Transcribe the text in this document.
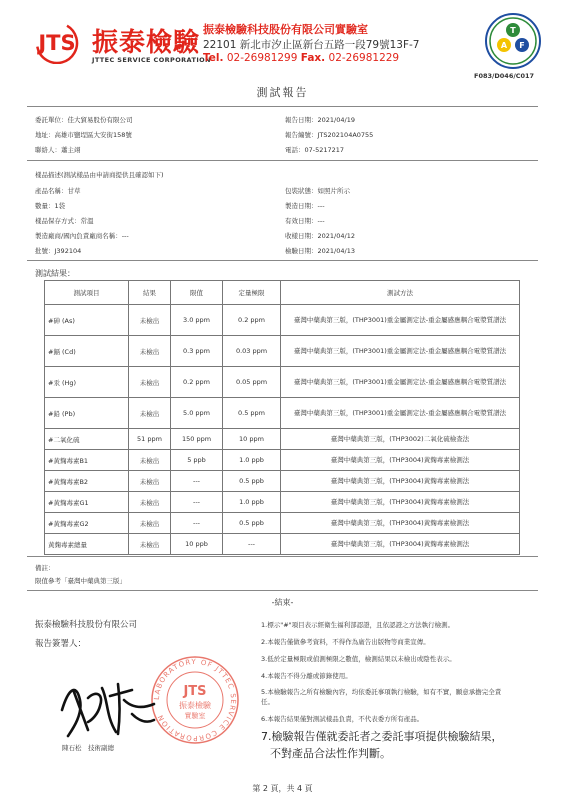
JTS 振泰檢驗
JTTEC SERVICE CORPORATION
振泰檢驗科技股份有限公司實驗室
22101 新北市汐止區新台五路一段79號13F-7
Tel. 02-26981299 Fax. 02-26981229
T
A F
F083/D046/C017
測試報告
委託單位：佳大貿易股份有限公司
地址：高雄市鹽埕區大安街158號
聯絡人：蕭主翊
報告日期：2021/04/19
報告編號：JTS202104A0755
電話：07-5217217
樣品描述(測試樣品由申請商提供且確認如下)
產品名稱：甘草
數量：1袋
樣品保存方式：常溫
製造廠商/國內負責廠商名稱：---
批號：J392104
包裝狀態：如照片所示
製造日期：---
有效日期：---
收樣日期：2021/04/12
檢驗日期：2021/04/13
測試結果：
測試項目	結果	限值	定量極限	測試方法
#砷 (As)	未檢出	3.0 ppm	0.2 ppm	臺灣中藥典第三版，(THP3001)重金屬測定法-重金屬感應耦合電漿質譜法
#鎘 (Cd)	未檢出	0.3 ppm	0.03 ppm	臺灣中藥典第三版，(THP3001)重金屬測定法-重金屬感應耦合電漿質譜法
#汞 (Hg)	未檢出	0.2 ppm	0.05 ppm	臺灣中藥典第三版，(THP3001)重金屬測定法-重金屬感應耦合電漿質譜法
#鉛 (Pb)	未檢出	5.0 ppm	0.5 ppm	臺灣中藥典第三版，(THP3001)重金屬測定法-重金屬感應耦合電漿質譜法
#二氧化硫	51 ppm	150 ppm	10 ppm	臺灣中藥典第三版，(THP3002)二氧化硫檢查法
#黃麴毒素B1	未檢出	5 ppb	1.0 ppb	臺灣中藥典第三版，(THP3004)黃麴毒素檢測法
#黃麴毒素B2	未檢出	---	0.5 ppb	臺灣中藥典第三版，(THP3004)黃麴毒素檢測法
#黃麴毒素G1	未檢出	---	1.0 ppb	臺灣中藥典第三版，(THP3004)黃麴毒素檢測法
#黃麴毒素G2	未檢出	---	0.5 ppb	臺灣中藥典第三版，(THP3004)黃麴毒素檢測法
黃麴毒素總量	未檢出	10 ppb	---	臺灣中藥典第三版，(THP3004)黃麴毒素檢測法
備註：
限值參考「臺灣中藥典第三版」
-結束-
振泰檢驗科技股份有限公司
報告簽署人：
LABORATORY OF JTTEC SERVICE CORPORATION
JTS
振泰檢驗
實驗室
陳石松　技術副總
1.標示"#"項目表示經衛生福利部認證，且依認證之方法執行檢測。
2.本報告僅做參考資料，不得作為廣告出版物等商業宣傳。
3.低於定量極限或偵測極限之數值，檢測結果以未檢出或陰性表示。
4.本報告不得分離或節錄使用。
5.本檢驗報告之所有檢驗內容，均依委託事項執行檢驗，如有不實，願意承擔完全責任。
6.本報告結果僅對測試樣品負責，不代表委方所有產品。
7.檢驗報告僅就委託者之委託事項提供檢驗結果，
不對產品合法性作判斷。
第 2 頁，共 4 頁
